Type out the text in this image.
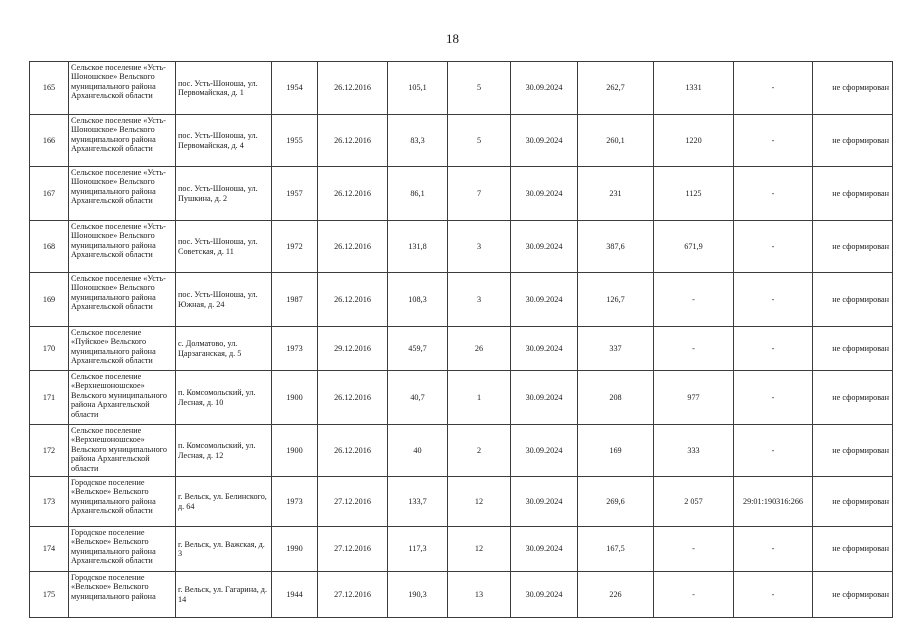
18
165	Сельское поселение «Усть-Шоношское» Вельского муниципального района Архангельской области	пос. Усть-Шоноша, ул. Первомайская, д. 1	1954	26.12.2016	105,1	5	30.09.2024	262,7	1331	-	не сформирован
166	Сельское поселение «Усть-Шоношское» Вельского муниципального района Архангельской области	пос. Усть-Шоноша, ул. Первомайская, д. 4	1955	26.12.2016	83,3	5	30.09.2024	260,1	1220	-	не сформирован
167	Сельское поселение «Усть-Шоношское» Вельского муниципального района Архангельской области	пос. Усть-Шоноша, ул. Пушкина, д. 2	1957	26.12.2016	86,1	7	30.09.2024	231	1125	-	не сформирован
168	Сельское поселение «Усть-Шоношское» Вельского муниципального района Архангельской области	пос. Усть-Шоноша, ул. Советская, д. 11	1972	26.12.2016	131,8	3	30.09.2024	387,6	671,9	-	не сформирован
169	Сельское поселение «Усть-Шоношское» Вельского муниципального района Архангельской области	пос. Усть-Шоноша, ул. Южная, д. 24	1987	26.12.2016	108,3	3	30.09.2024	126,7	-	-	не сформирован
170	Сельское поселение «Пуйское» Вельского муниципального района Архангельской области	с. Долматово, ул. Царзаганская, д. 5	1973	29.12.2016	459,7	26	30.09.2024	337	-	-	не сформирован
171	Сельское поселение «Верхнешоношское» Вельского муниципального района Архангельской области	п. Комсомольский, ул. Лесная, д. 10	1900	26.12.2016	40,7	1	30.09.2024	208	977	-	не сформирован
172	Сельское поселение «Верхнешоношское» Вельского муниципального района Архангельской области	п. Комсомольский, ул. Лесная, д. 12	1900	26.12.2016	40	2	30.09.2024	169	333	-	не сформирован
173	Городское поселение «Вельское» Вельского муниципального района Архангельской области	г. Вельск, ул. Белинского, д. 64	1973	27.12.2016	133,7	12	30.09.2024	269,6	2 057	29:01:190316:266	не сформирован
174	Городское поселение «Вельское» Вельского муниципального района Архангельской области	г. Вельск, ул. Важская, д. 3	1990	27.12.2016	117,3	12	30.09.2024	167,5	-	-	не сформирован
175	Городское поселение «Вельское» Вельского муниципального района	г. Вельск, ул. Гагарина, д. 14	1944	27.12.2016	190,3	13	30.09.2024	226	-	-	не сформирован
